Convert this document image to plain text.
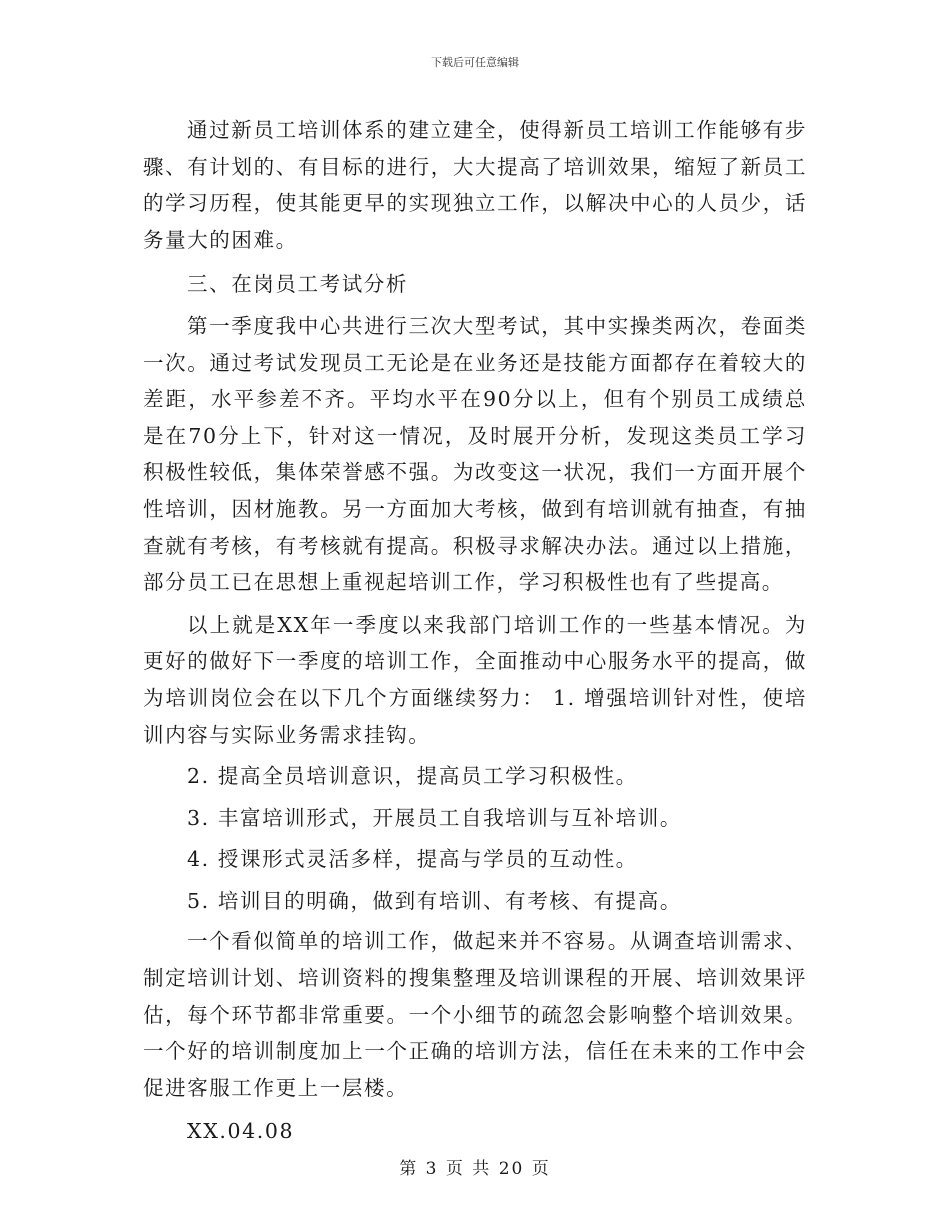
下载后可任意编辑

通过新员工培训体系的建立建全，使得新员工培训工作能够有步骤、有计划的、有目标的进行，大大提高了培训效果，缩短了新员工的学习历程，使其能更早的实现独立工作，以解决中心的人员少，话务量大的困难。

三、在岗员工考试分析

第一季度我中心共进行三次大型考试，其中实操类两次，卷面类一次。通过考试发现员工无论是在业务还是技能方面都存在着较大的差距，水平参差不齐。平均水平在90分以上，但有个别员工成绩总是在70分上下，针对这一情况，及时展开分析，发现这类员工学习积极性较低，集体荣誉感不强。为改变这一状况，我们一方面开展个性培训，因材施教。另一方面加大考核，做到有培训就有抽查，有抽查就有考核，有考核就有提高。积极寻求解决办法。通过以上措施，部分员工已在思想上重视起培训工作，学习积极性也有了些提高。

以上就是XX年一季度以来我部门培训工作的一些基本情况。为更好的做好下一季度的培训工作，全面推动中心服务水平的提高，做为培训岗位会在以下几个方面继续努力： 1. 增强培训针对性，使培训内容与实际业务需求挂钩。

2. 提高全员培训意识，提高员工学习积极性。

3. 丰富培训形式，开展员工自我培训与互补培训。

4. 授课形式灵活多样，提高与学员的互动性。

5. 培训目的明确，做到有培训、有考核、有提高。

一个看似简单的培训工作，做起来并不容易。从调查培训需求、制定培训计划、培训资料的搜集整理及培训课程的开展、培训效果评估，每个环节都非常重要。一个小细节的疏忽会影响整个培训效果。一个好的培训制度加上一个正确的培训方法，信任在未来的工作中会促进客服工作更上一层楼。

XX.04.08

第 3 页 共 20 页
